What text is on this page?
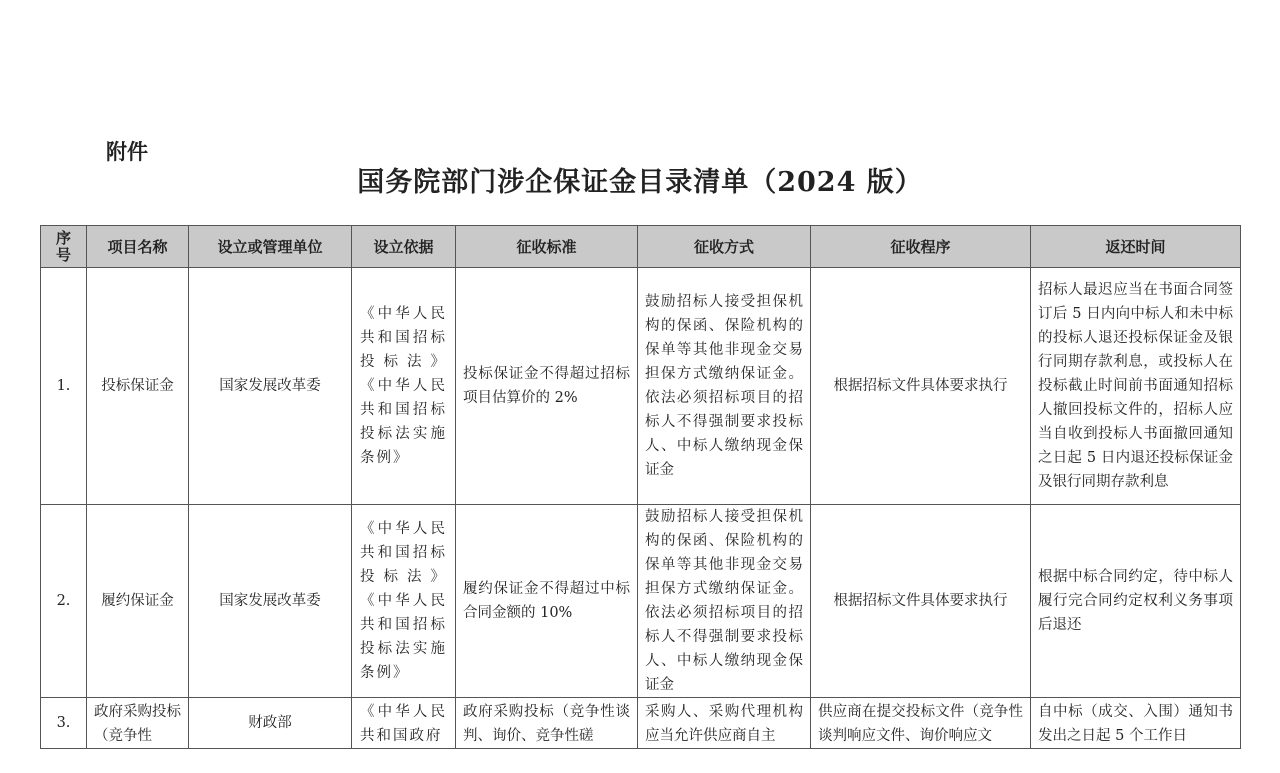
附件
国务院部门涉企保证金目录清单（2024 版）
序号	项目名称	设立或管理单位	设立依据	征收标准	征收方式	征收程序	返还时间
1.	投标保证金	国家发展改革委	《中华人民共和国招标投标法》《中华人民共和国招标投标法实施条例》	投标保证金不得超过招标项目估算价的 2%	鼓励招标人接受担保机构的保函、保险机构的保单等其他非现金交易担保方式缴纳保证金。依法必须招标项目的招标人不得强制要求投标人、中标人缴纳现金保证金	根据招标文件具体要求执行	招标人最迟应当在书面合同签订后 5 日内向中标人和未中标的投标人退还投标保证金及银行同期存款利息，或投标人在投标截止时间前书面通知招标人撤回投标文件的，招标人应当自收到投标人书面撤回通知之日起 5 日内退还投标保证金及银行同期存款利息

2.	履约保证金	国家发展改革委	《中华人民共和国招标投标法》《中华人民共和国招标投标法实施条例》	履约保证金不得超过中标合同金额的 10%	鼓励招标人接受担保机构的保函、保险机构的保单等其他非现金交易担保方式缴纳保证金。依法必须招标项目的招标人不得强制要求投标人、中标人缴纳现金保证金	根据招标文件具体要求执行	根据中标合同约定，待中标人履行完合同约定权利义务事项后退还

3.	政府采购投标（竞争性	财政部	《中华人民共和国政府	政府采购投标（竞争性谈判、询价、竞争性磋	采购人、采购代理机构应当允许供应商自主	供应商在提交投标文件（竞争性谈判响应文件、询价响应文	自中标（成交、入围）通知书发出之日起 5 个工作日
